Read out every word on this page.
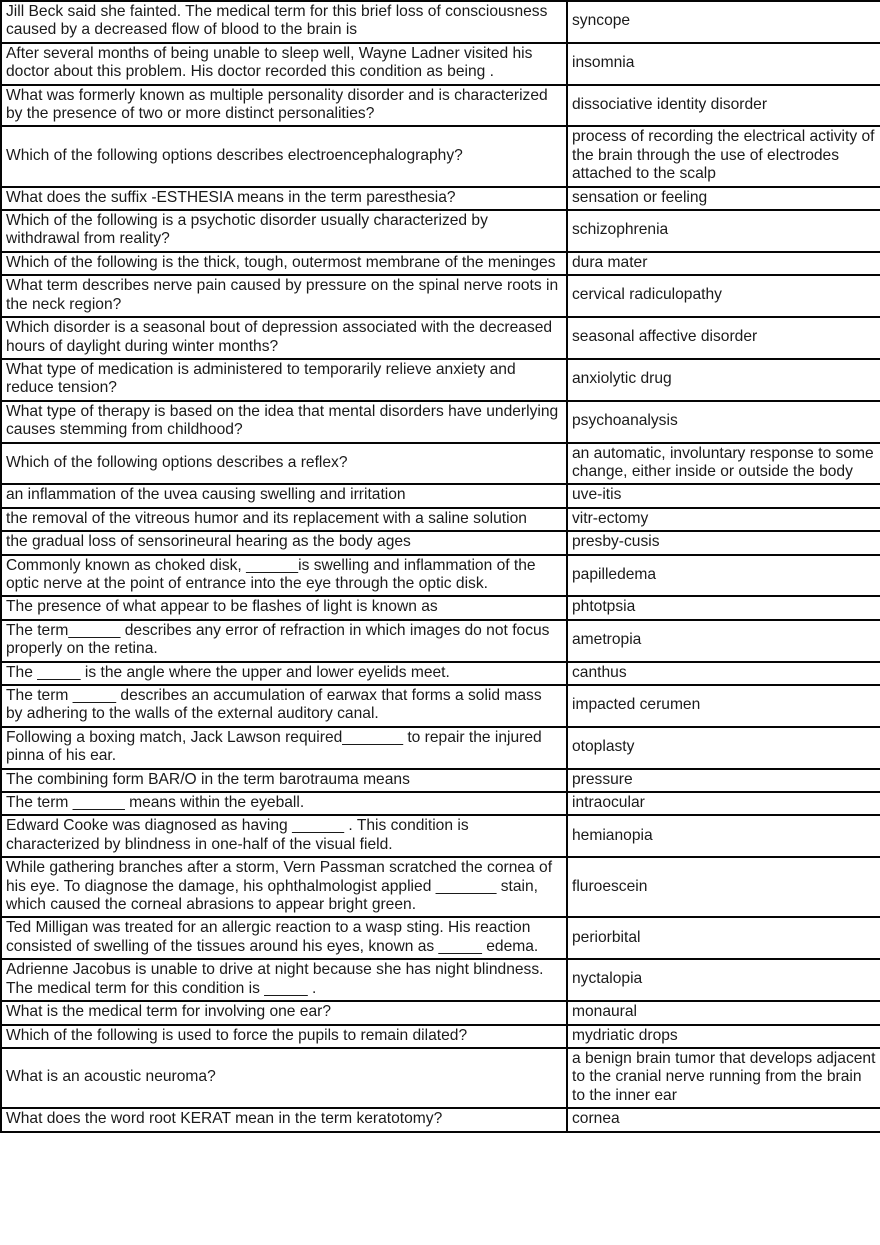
Jill Beck said she fainted. The medical term for this brief loss of consciousness caused by a decreased flow of blood to the brain is	syncope
After several months of being unable to sleep well, Wayne Ladner visited his doctor about this problem. His doctor recorded this condition as being .	insomnia
What was formerly known as multiple personality disorder and is characterized by the presence of two or more distinct personalities?	dissociative identity disorder
Which of the following options describes electroencephalography?	process of recording the electrical activity of the brain through the use of electrodes attached to the scalp
What does the suffix -ESTHESIA means in the term paresthesia?	sensation or feeling
Which of the following is a psychotic disorder usually characterized by withdrawal from reality?	schizophrenia
Which of the following is the thick, tough, outermost membrane of the meninges	dura mater
What term describes nerve pain caused by pressure on the spinal nerve roots in the neck region?	cervical radiculopathy
Which disorder is a seasonal bout of depression associated with the decreased hours of daylight during winter months?	seasonal affective disorder
What type of medication is administered to temporarily relieve anxiety and reduce tension?	anxiolytic drug
What type of therapy is based on the idea that mental disorders have underlying causes stemming from childhood?	psychoanalysis
Which of the following options describes a reflex?	an automatic, involuntary response to some change, either inside or outside the body
an inflammation of the uvea causing swelling and irritation	uve-itis
the removal of the vitreous humor and its replacement with a saline solution	vitr-ectomy
the gradual loss of sensorineural hearing as the body ages	presby-cusis
Commonly known as choked disk, ______is swelling and inflammation of the optic nerve at the point of entrance into the eye through the optic disk.	papilledema
The presence of what appear to be flashes of light is known as	phtotpsia
The term______ describes any error of refraction in which images do not focus properly on the retina.	ametropia
The _____ is the angle where the upper and lower eyelids meet.	canthus
The term _____ describes an accumulation of earwax that forms a solid mass by adhering to the walls of the external auditory canal.	impacted cerumen
Following a boxing match, Jack Lawson required_______ to repair the injured pinna of his ear.	otoplasty
The combining form BAR/O in the term barotrauma means	pressure
The term ______ means within the eyeball.	intraocular
Edward Cooke was diagnosed as having ______ . This condition is characterized by blindness in one-half of the visual field.	hemianopia
While gathering branches after a storm, Vern Passman scratched the cornea of his eye. To diagnose the damage, his ophthalmologist applied _______ stain, which caused the corneal abrasions to appear bright green.	fluroescein
Ted Milligan was treated for an allergic reaction to a wasp sting. His reaction consisted of swelling of the tissues around his eyes, known as _____ edema.	periorbital
Adrienne Jacobus is unable to drive at night because she has night blindness. The medical term for this condition is _____ .	nyctalopia
What is the medical term for involving one ear?	monaural
Which of the following is used to force the pupils to remain dilated?	mydriatic drops
What is an acoustic neuroma?	a benign brain tumor that develops adjacent to the cranial nerve running from the brain to the inner ear
What does the word root KERAT mean in the term keratotomy?	cornea
